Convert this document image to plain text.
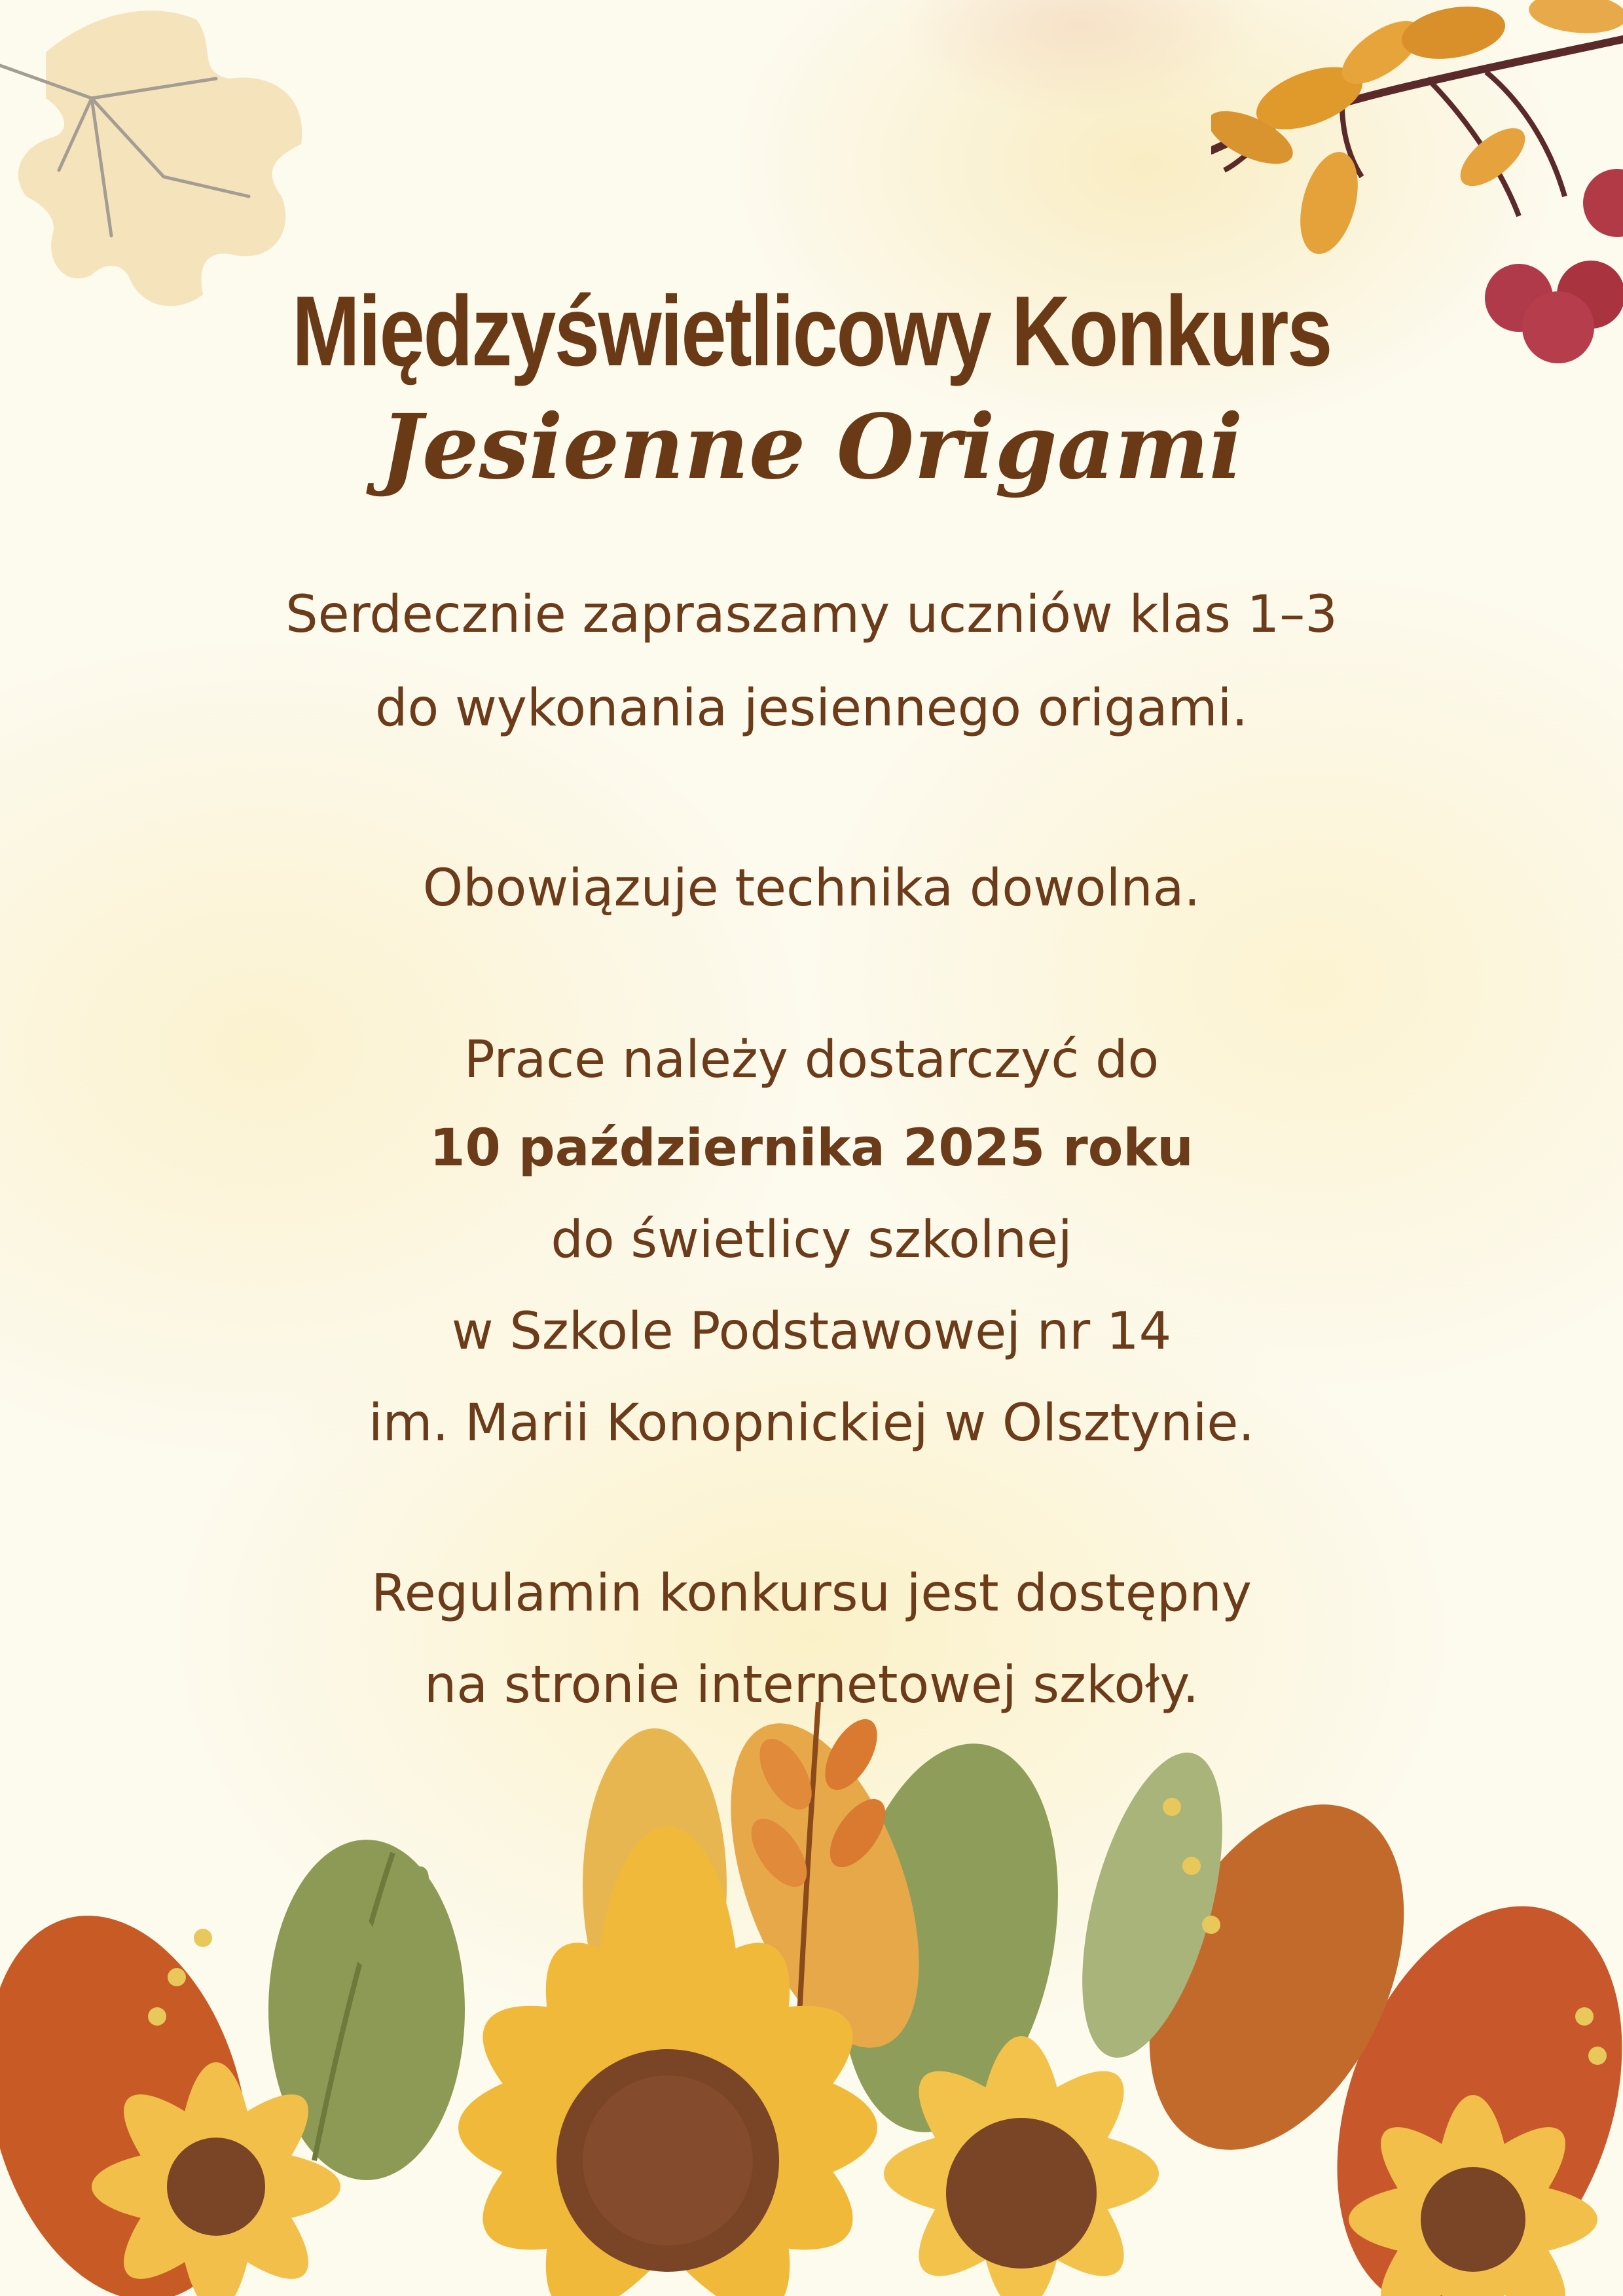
Międzyświetlicowy Konkurs
Jesienne Origami
Serdecznie zapraszamy uczniów klas 1–3
do wykonania jesiennego origami.
Obowiązuje technika dowolna.
Prace należy dostarczyć do
10 października 2025 roku
do świetlicy szkolnej
w Szkole Podstawowej nr 14
im. Marii Konopnickiej w Olsztynie.
Regulamin konkursu jest dostępny
na stronie internetowej szkoły.
